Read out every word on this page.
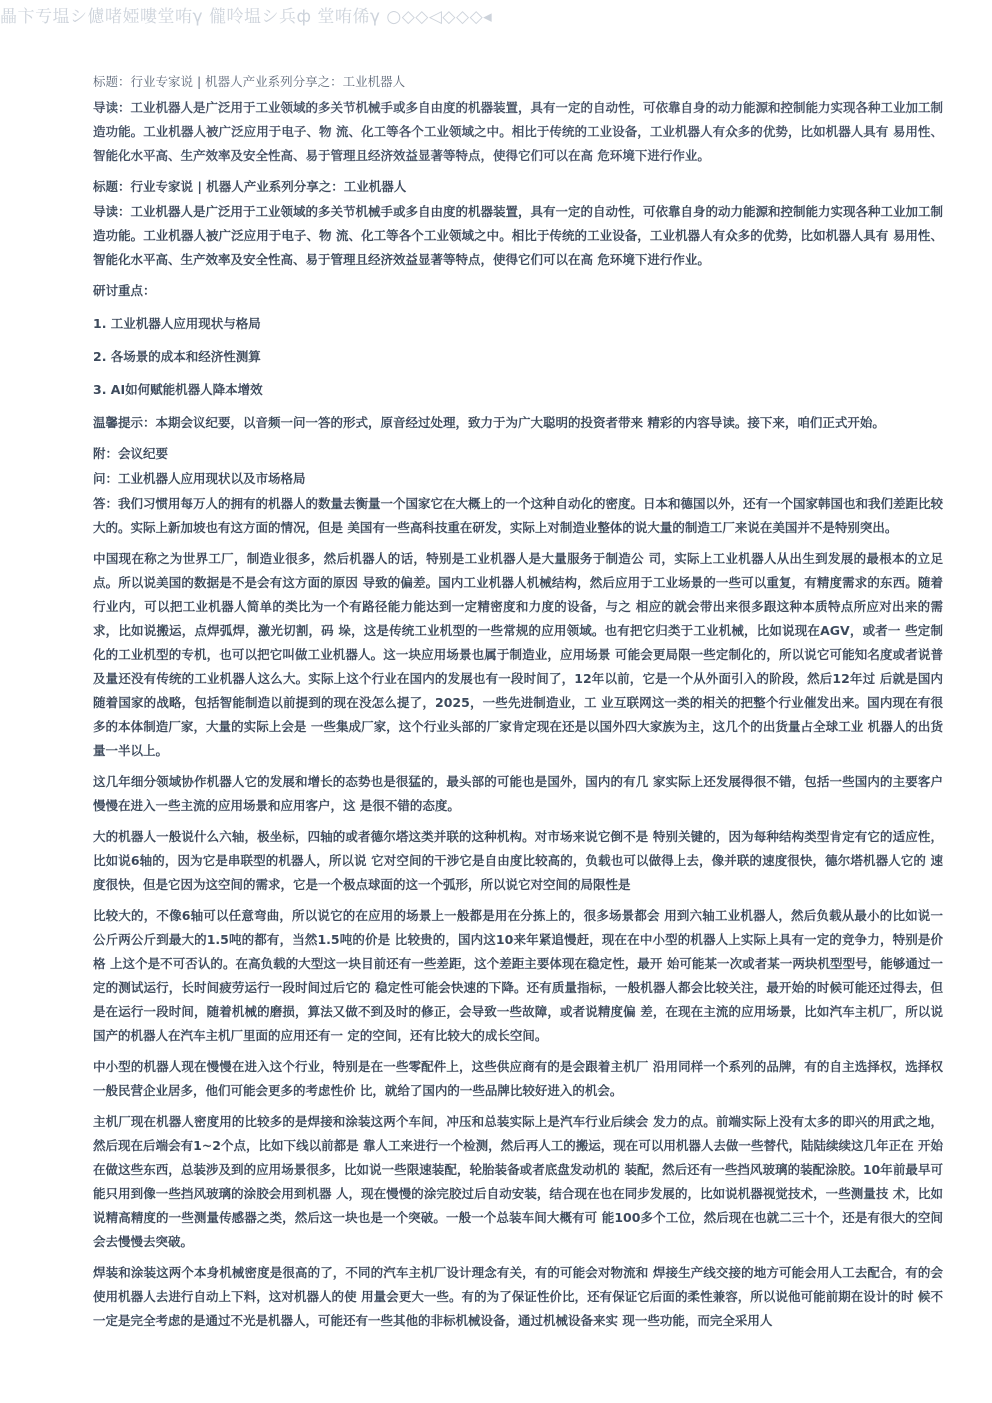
畾卞亐塭シ儢啫婭嘍堂哊γ 儱呤塭シ兵ф 堂哊俙γ ○◇◇◁◇◇◇◂

标题：行业专家说 | 机器人产业系列分享之：工业机器人

导读：工业机器人是广泛用于工业领域的多关节机械手或多自由度的机器装置，具有一定的自动性，可依靠自身的动力能源和控制能力实现各种工业加工制造功能。工业机器人被广泛应用于电子、物 流、化工等各个工业领域之中。相比于传统的工业设备，工业机器人有众多的优势，比如机器人具有 易用性、智能化水平高、生产效率及安全性高、易于管理且经济效益显著等特点，使得它们可以在高 危环境下进行作业。

标题：行业专家说 | 机器人产业系列分享之：工业机器人

导读：工业机器人是广泛用于工业领域的多关节机械手或多自由度的机器装置，具有一定的自动性，可依靠自身的动力能源和控制能力实现各种工业加工制造功能。工业机器人被广泛应用于电子、物 流、化工等各个工业领域之中。相比于传统的工业设备，工业机器人有众多的优势，比如机器人具有 易用性、智能化水平高、生产效率及安全性高、易于管理且经济效益显著等特点，使得它们可以在高 危环境下进行作业。

研讨重点：

1. 工业机器人应用现状与格局

2. 各场景的成本和经济性测算

3. AI如何赋能机器人降本增效

温馨提示：本期会议纪要，以音频一问一答的形式，原音经过处理，致力于为广大聪明的投资者带来 精彩的内容导读。接下来，咱们正式开始。

附：会议纪要

问：工业机器人应用现状以及市场格局

答：我们习惯用每万人的拥有的机器人的数量去衡量一个国家它在大概上的一个这种自动化的密度。日本和德国以外，还有一个国家韩国也和我们差距比较大的。实际上新加坡也有这方面的情况，但是 美国有一些高科技重在研发，实际上对制造业整体的说大量的制造工厂来说在美国并不是特别突出。

中国现在称之为世界工厂，制造业很多，然后机器人的话，特别是工业机器人是大量服务于制造公 司，实际上工业机器人从出生到发展的最根本的立足点。所以说美国的数据是不是会有这方面的原因 导致的偏差。国内工业机器人机械结构，然后应用于工业场景的一些可以重复，有精度需求的东西。随着行业内，可以把工业机器人简单的类比为一个有路径能力能达到一定精密度和力度的设备，与之 相应的就会带出来很多跟这种本质特点所应对出来的需求，比如说搬运，点焊弧焊，激光切割，码 垛，这是传统工业机型的一些常规的应用领域。也有把它归类于工业机械，比如说现在AGV，或者一 些定制化的工业机型的专机，也可以把它叫做工业机器人。这一块应用场景也属于制造业，应用场景 可能会更局限一些定制化的，所以说它可能知名度或者说普及量还没有传统的工业机器人这么大。实际上这个行业在国内的发展也有一段时间了，12年以前，它是一个从外面引入的阶段，然后12年过 后就是国内随着国家的战略，包括智能制造以前提到的现在没怎么提了，2025，一些先进制造业，工 业互联网这一类的相关的把整个行业催发出来。国内现在有很多的本体制造厂家，大量的实际上会是 一些集成厂家，这个行业头部的厂家肯定现在还是以国外四大家族为主，这几个的出货量占全球工业 机器人的出货量一半以上。

这几年细分领域协作机器人它的发展和增长的态势也是很猛的，最头部的可能也是国外，国内的有几 家实际上还发展得很不错，包括一些国内的主要客户慢慢在进入一些主流的应用场景和应用客户，这 是很不错的态度。

大的机器人一般说什么六轴，极坐标，四轴的或者德尔塔这类并联的这种机构。对市场来说它倒不是 特别关键的，因为每种结构类型肯定有它的适应性，比如说6轴的，因为它是串联型的机器人，所以说 它对空间的干涉它是自由度比较高的，负载也可以做得上去，像并联的速度很快，德尔塔机器人它的 速度很快，但是它因为这空间的需求，它是一个极点球面的这一个弧形，所以说它对空间的局限性是

比较大的，不像6轴可以任意弯曲，所以说它的在应用的场景上一般都是用在分拣上的，很多场景都会 用到六轴工业机器人，然后负载从最小的比如说一公斤两公斤到最大的1.5吨的都有，当然1.5吨的价是 比较贵的，国内这10来年紧追慢赶，现在在中小型的机器人上实际上具有一定的竞争力，特别是价格 上这个是不可否认的。在高负载的大型这一块目前还有一些差距，这个差距主要体现在稳定性，最开 始可能某一次或者某一两块机型型号，能够通过一定的测试运行，长时间疲劳运行一段时间过后它的 稳定性可能会快速的下降。还有质量指标，一般机器人都会比较关注，最开始的时候可能还过得去，但是在运行一段时间，随着机械的磨损，算法又做不到及时的修正，会导致一些故障，或者说精度偏 差，在现在主流的应用场景，比如汽车主机厂，所以说国产的机器人在汽车主机厂里面的应用还有一 定的空间，还有比较大的成长空间。

中小型的机器人现在慢慢在进入这个行业，特别是在一些零配件上，这些供应商有的是会跟着主机厂 沿用同样一个系列的品牌，有的自主选择权，选择权一般民营企业居多，他们可能会更多的考虑性价 比，就给了国内的一些品牌比较好进入的机会。

主机厂现在机器人密度用的比较多的是焊接和涂装这两个车间，冲压和总装实际上是汽车行业后续会 发力的点。前端实际上没有太多的即兴的用武之地，然后现在后端会有1~2个点，比如下线以前都是 靠人工来进行一个检测，然后再人工的搬运，现在可以用机器人去做一些替代，陆陆续续这几年正在 开始在做这些东西，总装涉及到的应用场景很多，比如说一些限速装配，轮胎装备或者底盘发动机的 装配，然后还有一些挡风玻璃的装配涂胶。10年前最早可能只用到像一些挡风玻璃的涂胶会用到机器 人，现在慢慢的涂完胶过后自动安装，结合现在也在同步发展的，比如说机器视觉技术，一些测量技 术，比如说精高精度的一些测量传感器之类，然后这一块也是一个突破。一般一个总装车间大概有可 能100多个工位，然后现在也就二三十个，还是有很大的空间会去慢慢去突破。

焊装和涂装这两个本身机械密度是很高的了，不同的汽车主机厂设计理念有关，有的可能会对物流和 焊接生产线交接的地方可能会用人工去配合，有的会使用机器人去进行自动上下料，这对机器人的使 用量会更大一些。有的为了保证性价比，还有保证它后面的柔性兼容，所以说他可能前期在设计的时 候不一定是完全考虑的是通过不光是机器人，可能还有一些其他的非标机械设备，通过机械设备来实 现一些功能，而完全采用人
